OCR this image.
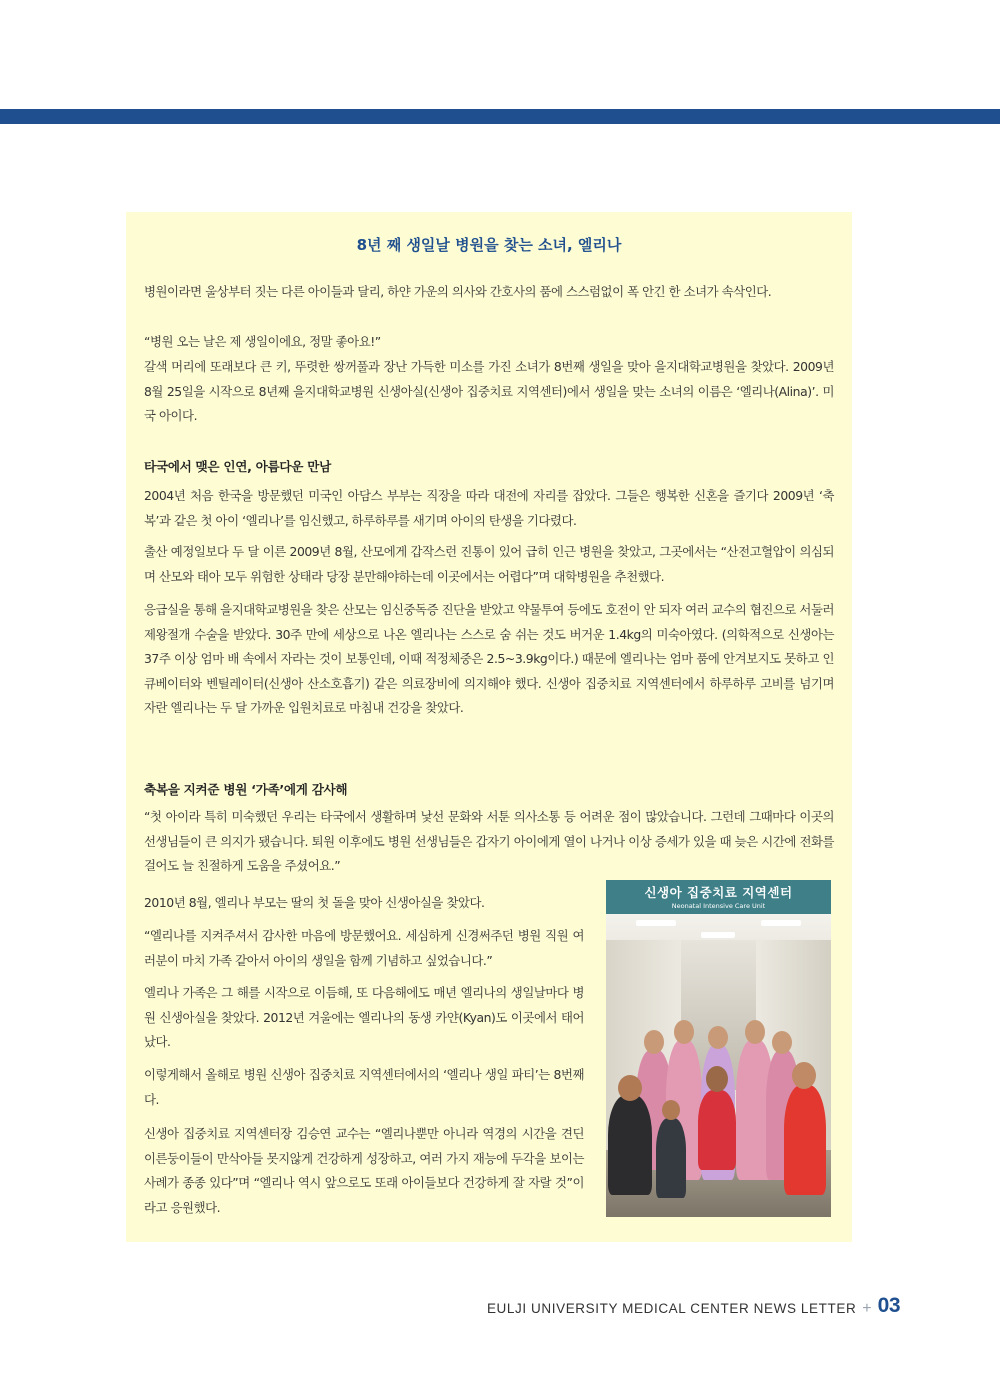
8년 째 생일날 병원을 찾는 소녀, 엘리나

병원이라면 울상부터 짓는 다른 아이들과 달리, 하얀 가운의 의사와 간호사의 품에 스스럼없이 폭 안긴 한 소녀가 속삭인다.

“병원 오는 날은 제 생일이에요, 정말 좋아요!”

갈색 머리에 또래보다 큰 키, 뚜렷한 쌍꺼풀과 장난 가득한 미소를 가진 소녀가 8번째 생일을 맞아 을지대학교병원을 찾았다. 2009년 8월 25일을 시작으로 8년째 을지대학교병원 신생아실(신생아 집중치료 지역센터)에서 생일을 맞는 소녀의 이름은 ‘엘리나(Alina)’. 미국 아이다.

타국에서 맺은 인연, 아름다운 만남

2004년 처음 한국을 방문했던 미국인 아담스 부부는 직장을 따라 대전에 자리를 잡았다. 그들은 행복한 신혼을 즐기다 2009년 ‘축복’과 같은 첫 아이 ‘엘리나’를 임신했고, 하루하루를 새기며 아이의 탄생을 기다렸다.

출산 예정일보다 두 달 이른 2009년 8월, 산모에게 갑작스런 진통이 있어 급히 인근 병원을 찾았고, 그곳에서는 “산전고혈압이 의심되며 산모와 태아 모두 위험한 상태라 당장 분만해야하는데 이곳에서는 어렵다”며 대학병원을 추천했다.

응급실을 통해 을지대학교병원을 찾은 산모는 임신중독증 진단을 받았고 약물투여 등에도 호전이 안 되자 여러 교수의 협진으로 서둘러 제왕절개 수술을 받았다. 30주 만에 세상으로 나온 엘리나는 스스로 숨 쉬는 것도 버거운 1.4kg의 미숙아였다. (의학적으로 신생아는 37주 이상 엄마 배 속에서 자라는 것이 보통인데, 이때 적정체중은 2.5~3.9kg이다.) 때문에 엘리나는 엄마 품에 안겨보지도 못하고 인큐베이터와 벤틸레이터(신생아 산소호흡기) 같은 의료장비에 의지해야 했다. 신생아 집중치료 지역센터에서 하루하루 고비를 넘기며 자란 엘리나는 두 달 가까운 입원치료로 마침내 건강을 찾았다.

축복을 지켜준 병원 ‘가족’에게 감사해

“첫 아이라 특히 미숙했던 우리는 타국에서 생활하며 낯선 문화와 서툰 의사소통 등 어려운 점이 많았습니다. 그런데 그때마다 이곳의 선생님들이 큰 의지가 됐습니다. 퇴원 이후에도 병원 선생님들은 갑자기 아이에게 열이 나거나 이상 증세가 있을 때 늦은 시간에 전화를 걸어도 늘 친절하게 도움을 주셨어요.”

2010년 8월, 엘리나 부모는 딸의 첫 돌을 맞아 신생아실을 찾았다.

“엘리나를 지켜주셔서 감사한 마음에 방문했어요. 세심하게 신경써주던 병원 직원 여러분이 마치 가족 같아서 아이의 생일을 함께 기념하고 싶었습니다.”

엘리나 가족은 그 해를 시작으로 이듬해, 또 다음해에도 매년 엘리나의 생일날마다 병원 신생아실을 찾았다. 2012년 겨울에는 엘리나의 동생 카얀(Kyan)도 이곳에서 태어났다.

이렇게해서 올해로 병원 신생아 집중치료 지역센터에서의 ‘엘리나 생일 파티’는 8번째다.

신생아 집중치료 지역센터장 김승연 교수는 “엘리나뿐만 아니라 역경의 시간을 견딘 이른둥이들이 만삭아들 못지않게 건강하게 성장하고, 여러 가지 재능에 두각을 보이는 사례가 종종 있다”며 “엘리나 역시 앞으로도 또래 아이들보다 건강하게 잘 자랄 것”이라고 응원했다.

신생아 집중치료 지역센터
Neonatal Intensive Care Unit
EULJI UNIVERSITY MEDICAL CENTER NEWS LETTER + 03
